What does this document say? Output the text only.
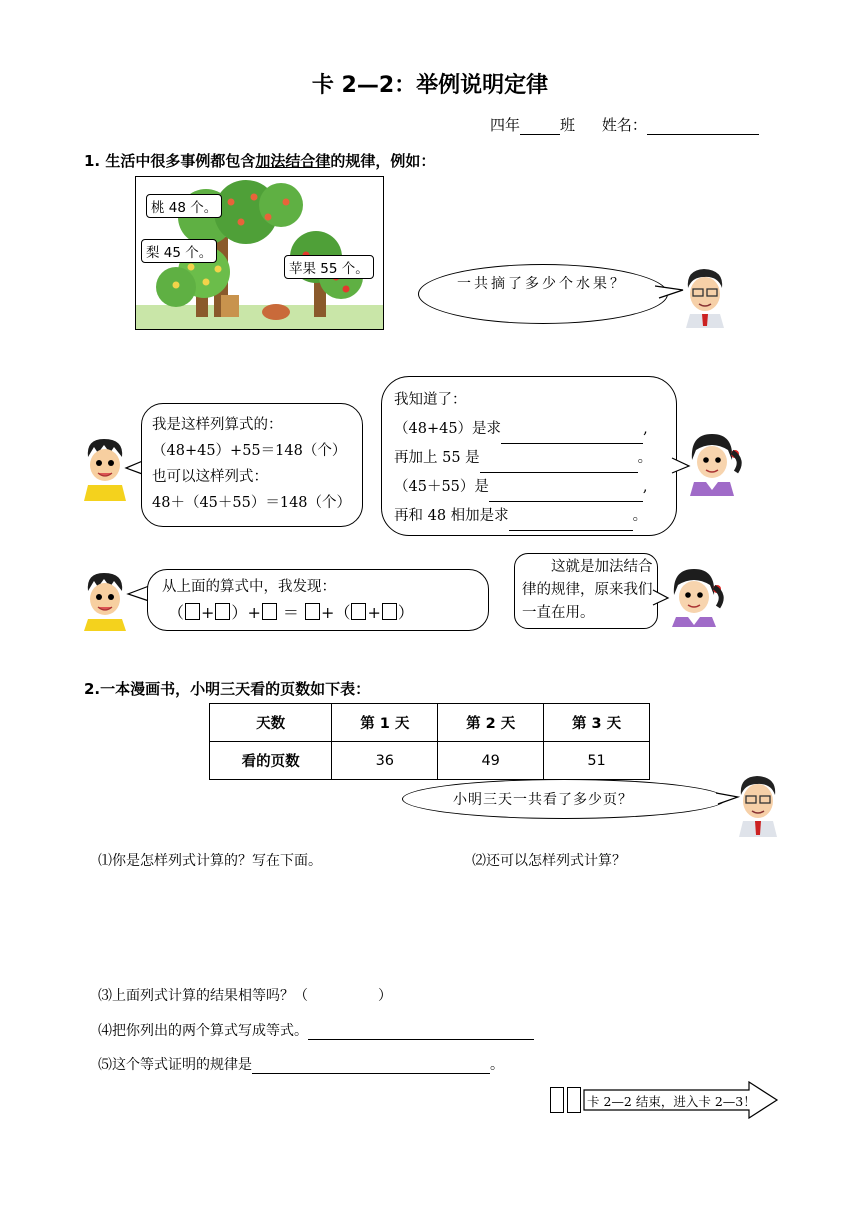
卡 2—2：举例说明定律
四年	班 姓名：
1. 生活中很多事例都包含加法结合律的规律，例如：
桃 48 个。
梨 45 个。
苹果 55 个。
一共摘了多少个水果？
我是这样列算式的：
（48+45）+55＝148（个）
也可以这样列式：
48＋（45＋55）＝148（个）
我知道了：
（48+45）是求	,
再加上 55 是	。
（45＋55）是	,
再和 48 相加是求	。
从上面的算式中，我发现：
（ + ）+ ＝ +（ + ）
这就是加法结合律的规律，原来我们一直在用。
2.一本漫画书，小明三天看的页数如下表：
天数	第 1 天	第 2 天	第 3 天
看的页数	36	49	51
小明三天一共看了多少页？
⑴你是怎样列式计算的？写在下面。	⑵还可以怎样列式计算？
⑶上面列式计算的结果相等吗？（　　　　　）
⑷把你列出的两个算式写成等式。
⑸这个等式证明的规律是	。
卡 2—2 结束，进入卡 2—3！
